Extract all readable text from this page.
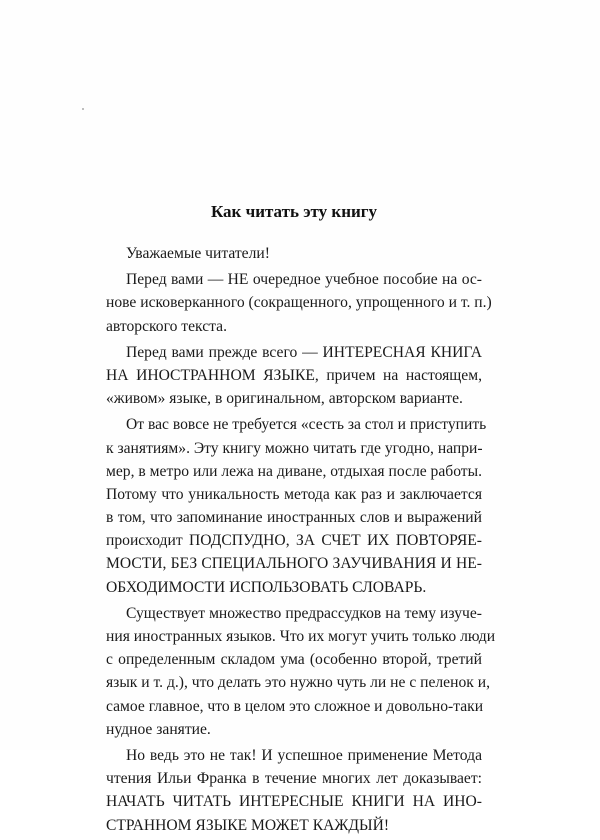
Как читать эту книгу
Уважаемые читатели!
Перед вами — НЕ очередное учебное пособие на ос-
нове исковерканного (сокращенного, упрощенного и т. п.)
авторского текста.
Перед вами прежде всего — ИНТЕРЕСНАЯ КНИГА
НА ИНОСТРАННОМ ЯЗЫКЕ, причем на настоящем,
«живом» языке, в оригинальном, авторском варианте.
От вас вовсе не требуется «сесть за стол и приступить
к занятиям». Эту книгу можно читать где угодно, напри-
мер, в метро или лежа на диване, отдыхая после работы.
Потому что уникальность метода как раз и заключается
в том, что запоминание иностранных слов и выражений
происходит ПОДСПУДНО, ЗА СЧЕТ ИХ ПОВТОРЯЕ-
МОСТИ, БЕЗ СПЕЦИАЛЬНОГО ЗАУЧИВАНИЯ И НЕ-
ОБХОДИМОСТИ ИСПОЛЬЗОВАТЬ СЛОВАРЬ.
Существует множество предрассудков на тему изуче-
ния иностранных языков. Что их могут учить только люди
с определенным складом ума (особенно второй, третий
язык и т. д.), что делать это нужно чуть ли не с пеленок и,
самое главное, что в целом это сложное и довольно-таки
нудное занятие.
Но ведь это не так! И успешное применение Метода
чтения Ильи Франка в течение многих лет доказывает:
НАЧАТЬ ЧИТАТЬ ИНТЕРЕСНЫЕ КНИГИ НА ИНО-
СТРАННОМ ЯЗЫКЕ МОЖЕТ КАЖДЫЙ!
